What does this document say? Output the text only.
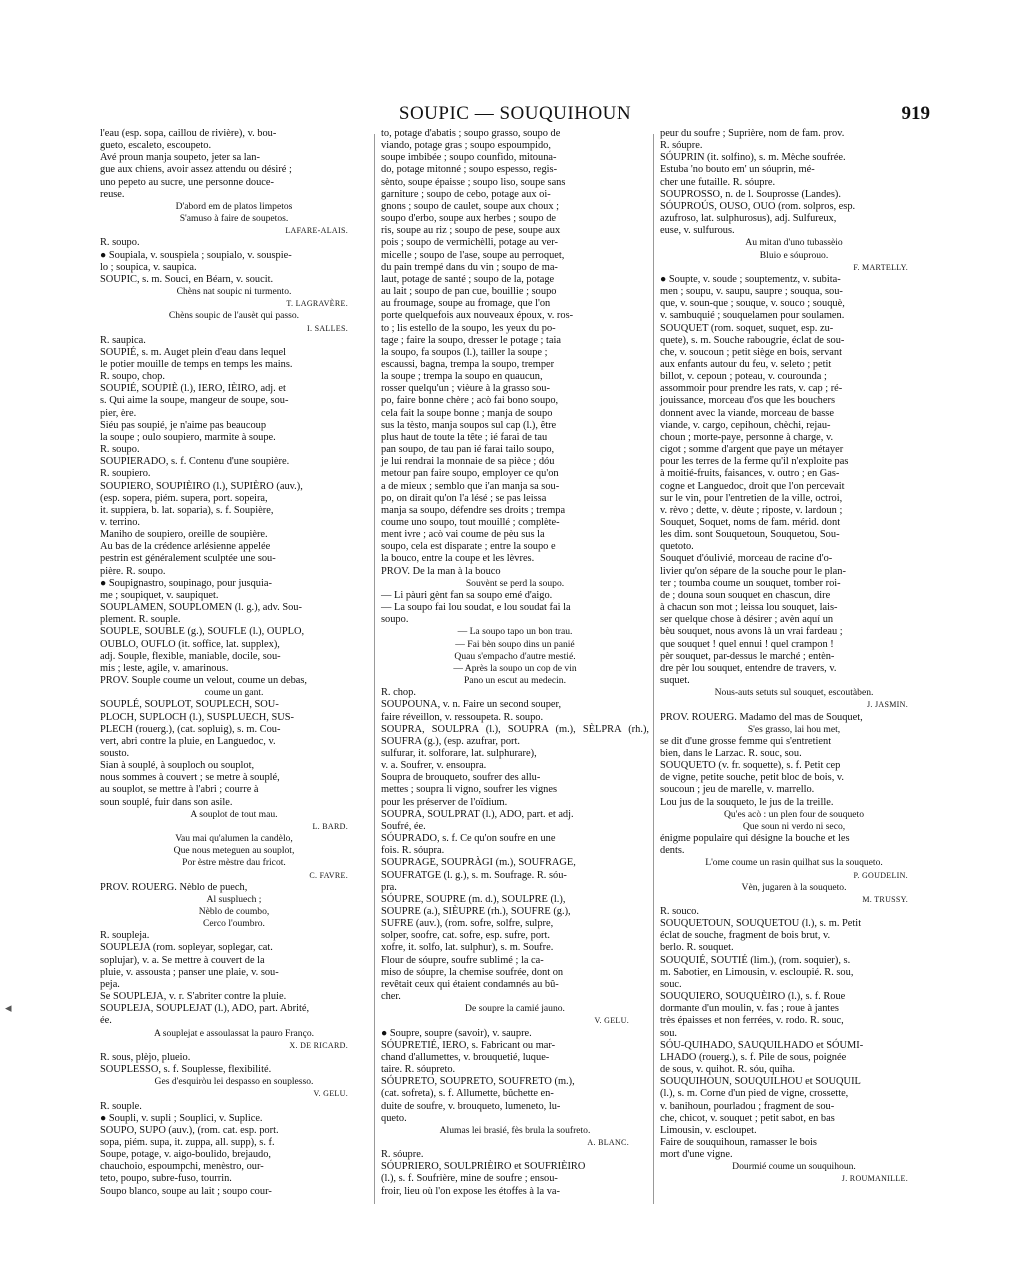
SOUPIC — SOUQUIHOUN	919

l'eau (esp. sopa, caillou de rivière), v. bou-

gueto, escaleto, escoupeto.

Avé proun manja soupeto, jeter sa lan-

gue aux chiens, avoir assez attendu ou désiré ;

uno pepeto au sucre, une personne douce-

reuse.

D'abord em de platos limpetos

S'amuso à faire de soupetos.

LAFARE-ALAIS.

R. soupo.

● Soupiala, v. souspiela ; soupialo, v. souspie-

lo ; soupica, v. saupica.

SOUPIC, s. m. Souci, en Béarn, v. soucit.

Chèns nat soupic ni turmento.

T. LAGRAVÈRE.

Chèns soupic de l'ausèt qui passo.

I. SALLES.

R. saupica.

SOUPIÉ, s. m. Auget plein d'eau dans lequel

le potier mouille de temps en temps les mains.

R. soupo, chop.

SOUPIÉ, SOUPIÈ (l.), IERO, IÈIRO, adj. et

s. Qui aime la soupe, mangeur de soupe, sou-

pier, ère.

Siéu pas soupié, je n'aime pas beaucoup

la soupe ; oulo soupiero, marmite à soupe.

R. soupo.

SOUPIERADO, s. f. Contenu d'une soupière.

R. soupiero.

SOUPIERO, SOUPIÈIRO (l.), SUPIÈRO (auv.),

(esp. sopera, piém. supera, port. sopeira,

it. suppiera, b. lat. soparia), s. f. Soupière,

v. terrino.

Maniho de soupiero, oreille de soupière.

Au bas de la crédence arlésienne appelée

pestrin est généralement sculptée une sou-

pière. R. soupo.

● Soupignastro, soupinago, pour jusquia-

me ; soupiquet, v. saupiquet.

SOUPLAMEN, SOUPLOMEN (l. g.), adv. Sou-

plement. R. souple.

SOUPLE, SOUBLE (g.), SOUFLE (l.), OUPLO,

OUBLO, OUFLO (it. soffice, lat. supplex),

adj. Souple, flexible, maniable, docile, sou-

mis ; leste, agile, v. amarinous.

PROV. Souple coume un velout, coume un debas,

coume un gant.

SOUPLÉ, SOUPLOT, SOUPLECH, SOU-

PLOCH, SUPLOCH (l.), SUSPLUECH, SUS-

PLECH (rouerg.), (cat. sopluig), s. m. Cou-

vert, abri contre la pluie, en Languedoc, v.

sousto.

Sian à souplé, à souploch ou souplot,

nous sommes à couvert ; se metre à souplé,

au souplot, se mettre à l'abri ; courre à

soun souplé, fuir dans son asile.

A souplot de tout mau.

L. BARD.

Vau mai qu'alumen la candèlo,

Que nous meteguen au souplot,

Por èstre mèstre dau fricot.

C. FAVRE.

PROV. ROUERG. Nèblo de puech,

Al suspluech ;

Nèblo de coumbo,

Cerco l'oumbro.

R. soupleja.

SOUPLEJA (rom. sopleyar, soplegar, cat.

soplujar), v. a. Se mettre à couvert de la

pluie, v. assousta ; panser une plaie, v. sou-

peja.

Se SOUPLEJA, v. r. S'abriter contre la pluie.

SOUPLEJA, SOUPLEJAT (l.), ADO, part. Abrité,

ée.

A souplejat e assoulassat la pauro Franço.

X. DE RICARD.

R. sous, plèjo, plueio.

SOUPLESSO, s. f. Souplesse, flexibilité.

Ges d'esquiròu lei despasso en souplesso.

V. GELU.

R. souple.

● Soupli, v. supli ; Souplici, v. Suplice.

SOUPO, SUPO (auv.), (rom. cat. esp. port.

sopa, piém. supa, it. zuppa, all. supp), s. f.

Soupe, potage, v. aigo-boulido, brejaudo,

chauchoio, espoumpchi, menèstro, our-

teto, poupo, subre-fuso, tourrin.

Soupo blanco, soupe au lait ; soupo cour-

to, potage d'abatis ; soupo grasso, soupo de

viando, potage gras ; soupo espoumpido,

soupe imbibée ; soupo counfido, mitouna-

do, potage mitonné ; soupo espesso, regis-

sènto, soupe épaisse ; soupo liso, soupe sans

garniture ; soupo de cebo, potage aux oi-

gnons ; soupo de caulet, soupe aux choux ;

soupo d'erbo, soupe aux herbes ; soupo de

ris, soupe au riz ; soupo de pese, soupe aux

pois ; soupo de vermichèlli, potage au ver-

micelle ; soupo de l'ase, soupe au perroquet,

du pain trempé dans du vin ; soupo de ma-

laut, potage de santé ; soupo de la, potage

au lait ; soupo de pan cue, bouillie ; soupo

au froumage, soupe au fromage, que l'on

porte quelquefois aux nouveaux époux, v. ros-

to ; lis estello de la soupo, les yeux du po-

tage ; faire la soupo, dresser le potage ; taia

la soupo, fa soupos (l.), tailler la soupe ;

escaussi, bagna, trempa la soupo, tremper

la soupe ; trempa la soupo en quaucun,

rosser quelqu'un ; vièure à la grasso sou-

po, faire bonne chère ; acò fai bono soupo,

cela fait la soupe bonne ; manja de soupo

sus la tèsto, manja soupos sul cap (l.), être

plus haut de toute la tête ; ié farai de tau

pan soupo, de tau pan ié farai tailo soupo,

je lui rendrai la monnaie de sa pièce ; dóu

metour pan faire soupo, employer ce qu'on

a de mieux ; semblo que i'an manja sa sou-

po, on dirait qu'on l'a lésé ; se pas leissa

manja sa soupo, défendre ses droits ; trempa

coume uno soupo, tout mouillé ; complète-

ment ivre ; acò vai coume de pèu sus la

soupo, cela est disparate ; entre la soupo e

la bouco, entre la coupe et les lèvres.

PROV. De la man à la bouco

Souvènt se perd la soupo.

— Li pàuri gènt fan sa soupo emé d'aigo.

— La soupo fai lou soudat, e lou soudat fai la

soupo.

— La soupo tapo un bon trau.

— Fai bèn soupo dins un panié

Quau s'empacho d'autre mestié.

— Après la soupo un cop de vin

Pano un escut au medecin.

R. chop.

SOUPOUNA, v. n. Faire un second souper,

faire réveillon, v. ressoupeta. R. soupo.

SOUPRA, SOULPRA (l.), SOUPRA (m.), SÈLPRA (rh.), SOUFRA (g.), (esp. azufrar, port.

sulfurar, it. solforare, lat. sulphurare),

v. a. Soufrer, v. ensoupra.

Soupra de brouqueto, soufrer des allu-

mettes ; soupra li vigno, soufrer les vignes

pour les préserver de l'oïdium.

SOUPRA, SOULPRAT (l.), ADO, part. et adj.

Soufré, ée.

SÓUPRADO, s. f. Ce qu'on soufre en une

fois. R. sóupra.

SOUPRAGE, SOUPRÀGI (m.), SOUFRAGE,

SOUFRATGE (l. g.), s. m. Soufrage. R. sóu-

pra.

SÓUPRE, SOUPRE (m. d.), SOULPRE (l.),

SOUPRE (a.), SIÈUPRE (rh.), SOUFRE (g.),

SUFRE (auv.), (rom. sofre, solfre, sulpre,

solper, soofre, cat. sofre, esp. sufre, port.

xofre, it. solfo, lat. sulphur), s. m. Soufre.

Flour de sóupre, soufre sublimé ; la ca-

miso de sóupre, la chemise soufrée, dont on

revêtait ceux qui étaient condamnés au bû-

cher.

De soupre la camié jauno.

V. GELU.

● Soupre, soupre (savoir), v. saupre.

SÓUPRETIÉ, IERO, s. Fabricant ou mar-

chand d'allumettes, v. brouquetié, luque-

taire. R. sóupreto.

SÓUPRETO, SOUPRETO, SOUFRETO (m.),

(cat. sofreta), s. f. Allumette, bûchette en-

duite de soufre, v. brouqueto, lumeneto, lu-

queto.

Alumas lei brasié, fès brula la soufreto.

A. BLANC.

R. sóupre.

SÓUPRIERO, SOULPRIÈIRO et SOUFRIÈIRO

(l.), s. f. Soufrière, mine de soufre ; ensou-

froir, lieu où l'on expose les étoffes à la va-

peur du soufre ; Suprière, nom de fam. prov.

R. sóupre.

SÓUPRIN (it. solfino), s. m. Mèche soufrée.

Estuba 'no bouto em' un sóuprin, mé-

cher une futaille. R. sóupre.

SOUPROSSO, n. de l. Souprosse (Landes).

SÓUPROÚS, OUSO, OUO (rom. solpros, esp.

azufroso, lat. sulphurosus), adj. Sulfureux,

euse, v. sulfurous.

Au mitan d'uno tubassèio

Bluio e sóuprouo.

F. MARTELLY.

● Soupte, v. soude ; souptementz, v. subita-

men ; soupu, v. saupu, saupre ; souqua, sou-

que, v. soun-que ; souque, v. souco ; souquè,

v. sambuquié ; souquelamen pour soulamen.

SOUQUET (rom. soquet, suquet, esp. zu-

quete), s. m. Souche rabougrie, éclat de sou-

che, v. soucoun ; petit siège en bois, servant

aux enfants autour du feu, v. seleto ; petit

billot, v. cepoun ; poteau, v. courounda ;

assommoir pour prendre les rats, v. cap ; ré-

jouissance, morceau d'os que les bouchers

donnent avec la viande, morceau de basse

viande, v. cargo, cepihoun, chèchi, rejau-

choun ; morte-paye, personne à charge, v.

cigot ; somme d'argent que paye un métayer

pour les terres de la ferme qu'il n'exploite pas

à moitié-fruits, faisances, v. outro ; en Gas-

cogne et Languedoc, droit que l'on percevait

sur le vin, pour l'entretien de la ville, octroi,

v. rèvo ; dette, v. dèute ; riposte, v. lardoun ;

Souquet, Soquet, noms de fam. mérid. dont

les dim. sont Souquetoun, Souquetou, Sou-

quetoto.

Souquet d'óulivié, morceau de racine d'o-

livier qu'on sépare de la souche pour le plan-

ter ; toumba coume un souquet, tomber roi-

de ; douna soun souquet en chascun, dire

à chacun son mot ; leissa lou souquet, lais-

ser quelque chose à désirer ; avèn aquí un

bèu souquet, nous avons là un vrai fardeau ;

que souquet ! quel ennui ! quel crampon !

pèr souquet, par-dessus le marché ; entèn-

dre pèr lou souquet, entendre de travers, v.

suquet.

Nous-auts setuts sul souquet, escoutàben.

J. JASMIN.

PROV. ROUERG. Madamo del mas de Souquet,

S'es grasso, lai hou met,

se dit d'une grosse femme qui s'entretient

bien, dans le Larzac. R. souc, sou.

SOUQUETO (v. fr. soquette), s. f. Petit cep

de vigne, petite souche, petit bloc de bois, v.

soucoun ; jeu de marelle, v. marrello.

Lou jus de la souqueto, le jus de la treille.

Qu'es acò : un plen four de souqueto

Que soun ni verdo ni seco,

énigme populaire qui désigne la bouche et les

dents.

L'ome coume un rasin quilhat sus la souqueto.

P. GOUDELIN.

Vèn, jugaren à la souqueto.

M. TRUSSY.

R. souco.

SOUQUETOUN, SOUQUETOU (l.), s. m. Petit

éclat de souche, fragment de bois brut, v.

berlo. R. souquet.

SOUQUIÉ, SOUTIÉ (lim.), (rom. soquier), s.

m. Sabotier, en Limousin, v. escloupié. R. sou,

souc.

SOUQUIERO, SOUQUÈIRO (l.), s. f. Roue

dormante d'un moulin, v. fas ; roue à jantes

très épaisses et non ferrées, v. rodo. R. souc,

sou.

SÓU-QUIHADO, SAUQUILHADO et SÓUMI-

LHADO (rouerg.), s. f. Pile de sous, poignée

de sous, v. quihot. R. sóu, quiha.

SOUQUIHOUN, SOUQUILHOU et SOUQUIL

(l.), s. m. Corne d'un pied de vigne, crossette,

v. banihoun, pourladou ; fragment de sou-

che, chicot, v. souquet ; petit sabot, en bas

Limousin, v. escloupet.

Faire de souquihoun, ramasser le bois

mort d'une vigne.

Dourmié coume un souquihoun.

J. ROUMANILLE.

◂
